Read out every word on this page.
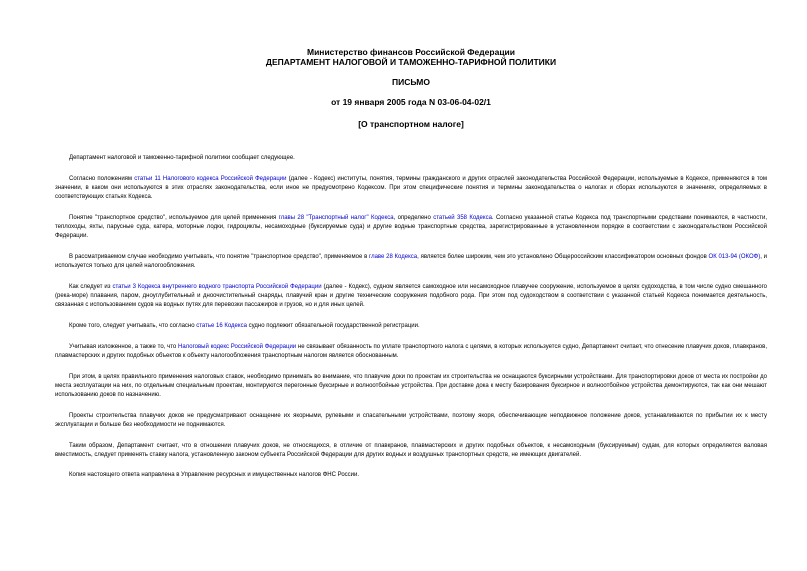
Министерство финансов Российской Федерации
ДЕПАРТАМЕНТ НАЛОГОВОЙ И ТАМОЖЕННО-ТАРИФНОЙ ПОЛИТИКИ
ПИСЬМО
от 19 января 2005 года N 03-06-04-02/1
[О транспортном налоге]

Департамент налоговой и таможенно-тарифной политики сообщает следующее.

Согласно положениям статьи 11 Налогового кодекса Российской Федерации (далее - Кодекс) институты, понятия, термины гражданского и других отраслей законодательства Российской Федерации, используемые в Кодексе, применяются в том значении, в каком они используются в этих отраслях законодательства, если иное не предусмотрено Кодексом. При этом специфические понятия и термины законодательства о налогах и сборах используются в значениях, определяемых в соответствующих статьях Кодекса.

Понятие "транспортное средство", используемое для целей применения главы 28 "Транспортный налог" Кодекса, определено статьей 358 Кодекса. Согласно указанной статье Кодекса под транспортными средствами понимаются, в частности, теплоходы, яхты, парусные суда, катера, моторные лодки, гидроциклы, несамоходные (буксируемые суда) и другие водные транспортные средства, зарегистрированные в установленном порядке в соответствии с законодательством Российской Федерации.

В рассматриваемом случае необходимо учитывать, что понятие "транспортное средство", применяемое в главе 28 Кодекса, является более широким, чем это установлено Общероссийским классификатором основных фондов ОК 013-94 (ОКОФ), и используется только для целей налогообложения.

Как следует из статьи 3 Кодекса внутреннего водного транспорта Российской Федерации (далее - Кодекс), судном является самоходное или несамоходное плавучее сооружение, используемое в целях судоходства, в том числе судно смешанного (река-море) плавания, паром, дноуглубительный и дноочистительный снаряды, плавучий кран и другие технические сооружения подобного рода. При этом под судоходством в соответствии с указанной статьей Кодекса понимается деятельность, связанная с использованием судов на водных путях для перевозки пассажиров и грузов, но и для иных целей.

Кроме того, следует учитывать, что согласно статье 16 Кодекса судно подлежит обязательной государственной регистрации.

Учитывая изложенное, а также то, что Налоговый кодекс Российской Федерации не связывает обязанность по уплате транспортного налога с целями, в которых используется судно, Департамент считает, что отнесение плавучих доков, плавкранов, плавмастерских и других подобных объектов к объекту налогообложения транспортным налогом является обоснованным.

При этом, в целях правильного применения налоговых ставок, необходимо принимать во внимание, что плавучие доки по проектам их строительства не оснащаются буксирными устройствами. Для транспортировки доков от места их постройки до места эксплуатации на них, по отдельным специальным проектам, монтируются перегонные буксирные и волноотбойные устройства. При доставке дока к месту базирования буксирное и волноотбойное устройства демонтируются, так как они мешают использованию доков по назначению.

Проекты строительства плавучих доков не предусматривают оснащение их якорными, рулевыми и спасательными устройствами, поэтому якоря, обеспечивающие неподвижное положение доков, устанавливаются по прибытии их к месту эксплуатации и больше без необходимости не поднимаются.

Таким образом, Департамент считает, что в отношении плавучих доков, не относящихся, в отличие от плавкранов, плавмастерских и других подобных объектов, к несамоходным (буксируемым) судам, для которых определяется валовая вместимость, следует применять ставку налога, установленную законом субъекта Российской Федерации для других водных и воздушных транспортных средств, не имеющих двигателей.

Копия настоящего ответа направлена в Управление ресурсных и имущественных налогов ФНС России.
